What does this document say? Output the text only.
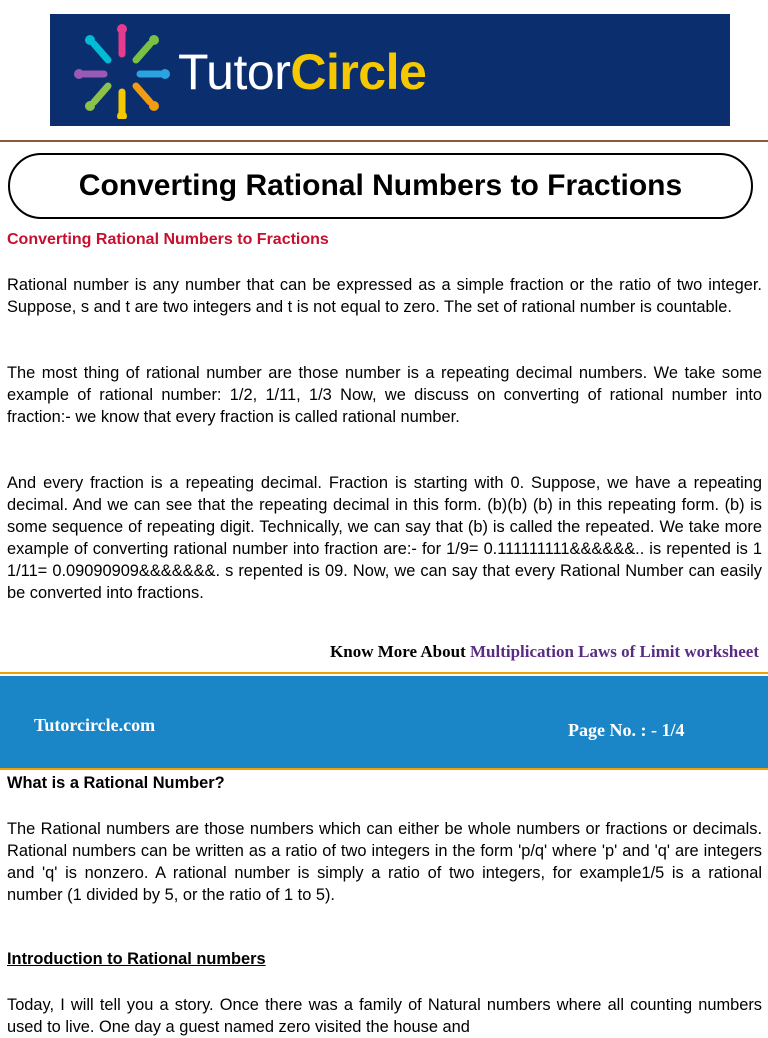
TutorCircle
Converting Rational Numbers to Fractions
Converting Rational Numbers to Fractions

Rational number is any number that can be expressed as a simple fraction or the ratio of two integer. Suppose, s and t are two integers and t is not equal to zero. The set of rational number is countable.

The most thing of rational number are those number is a repeating decimal numbers. We take some example of rational number: 1/2, 1/11, 1/3 Now, we discuss on converting of rational number into fraction:- we know that every fraction is called rational number.

And every fraction is a repeating decimal. Fraction is starting with 0. Suppose, we have a repeating decimal. And we can see that the repeating decimal in this form. (b)(b) (b) in this repeating form. (b) is some sequence of repeating digit. Technically, we can say that (b) is called the repeated. We take more example of converting rational number into fraction are:- for 1/9= 0.111111111&&&&&&.. is repented is 1 1/11= 0.09090909&&&&&&&. s repented is 09. Now, we can say that every Rational Number can easily be converted into fractions.

Know More About Multiplication Laws of Limit worksheet
Tutorcircle.com	Page No. : - 1/4
What is a Rational Number?

The Rational numbers are those numbers which can either be whole numbers or fractions or decimals. Rational numbers can be written as a ratio of two integers in the form 'p/q' where 'p' and 'q' are integers and 'q' is nonzero. A rational number is simply a ratio of two integers, for example1/5 is a rational number (1 divided by 5, or the ratio of 1 to 5).

Introduction to Rational numbers

Today, I will tell you a story. Once there was a family of Natural numbers where all counting numbers used to live. One day a guest named zero visited the house and
